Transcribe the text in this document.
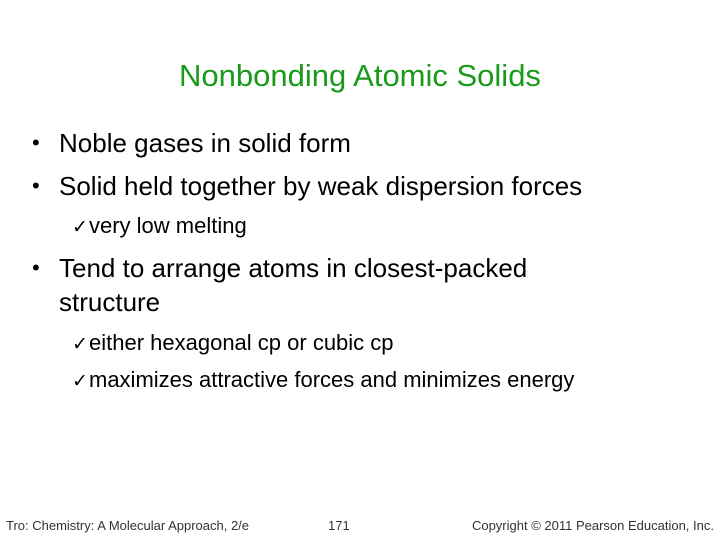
Nonbonding Atomic Solids
• Noble gases in solid form
• Solid held together by weak dispersion forces
✓very low melting
• Tend to arrange atoms in closest-packed
structure
✓either hexagonal cp or cubic cp
✓maximizes attractive forces and minimizes energy
Tro: Chemistry: A Molecular Approach, 2/e	171	Copyright © 2011 Pearson Education, Inc.
